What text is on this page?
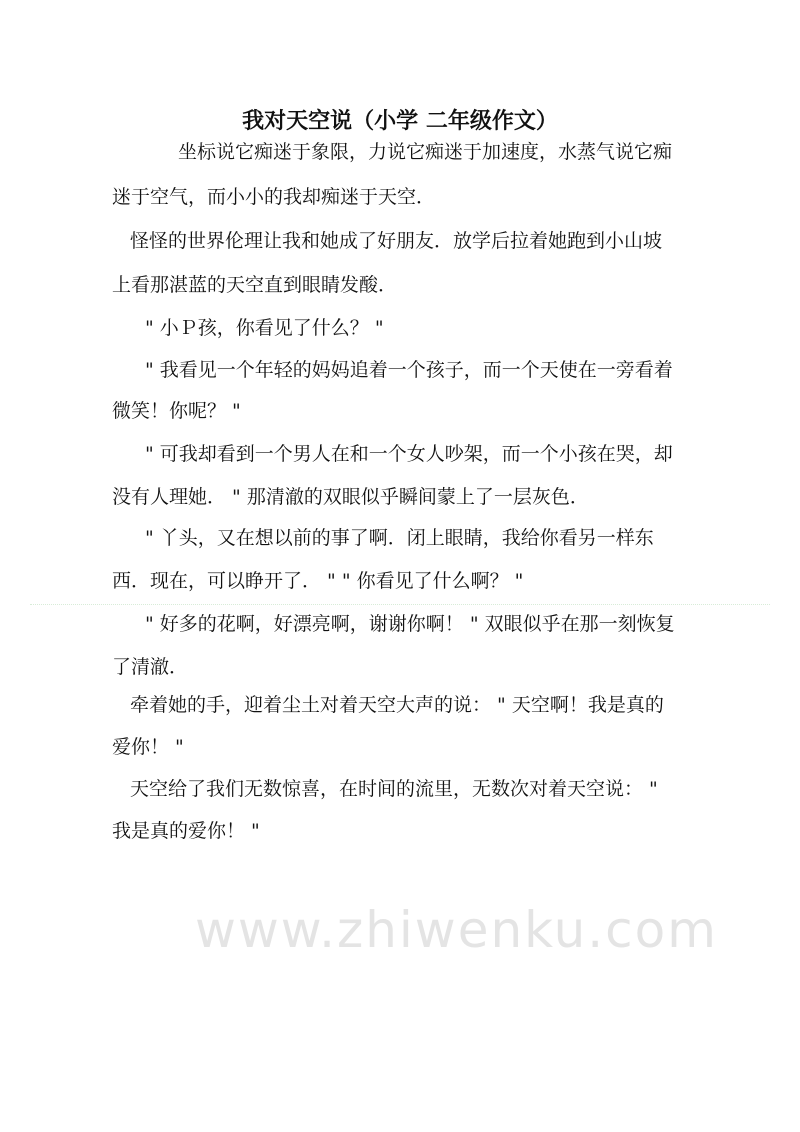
www.zhiwenku.com
我对天空说（小学 二年级作文）
坐标说它痴迷于象限，力说它痴迷于加速度，水蒸气说它痴
迷于空气，而小小的我却痴迷于天空．
怪怪的世界伦理让我和她成了好朋友．放学后拉着她跑到小山坡
上看那湛蓝的天空直到眼睛发酸．
" 小Ｐ孩，你看见了什么？ "
" 我看见一个年轻的妈妈追着一个孩子，而一个天使在一旁看着
微笑！你呢？ "
" 可我却看到一个男人在和一个女人吵架，而一个小孩在哭，却
没有人理她． " 那清澈的双眼似乎瞬间蒙上了一层灰色．
" 丫头，又在想以前的事了啊．闭上眼睛，我给你看另一样东
西．现在，可以睁开了． " " 你看见了什么啊？ "
" 好多的花啊，好漂亮啊，谢谢你啊！ " 双眼似乎在那一刻恢复
了清澈．
牵着她的手，迎着尘土对着天空大声的说： " 天空啊！我是真的
爱你！ "
天空给了我们无数惊喜，在时间的流里，无数次对着天空说： "
我是真的爱你！ "
